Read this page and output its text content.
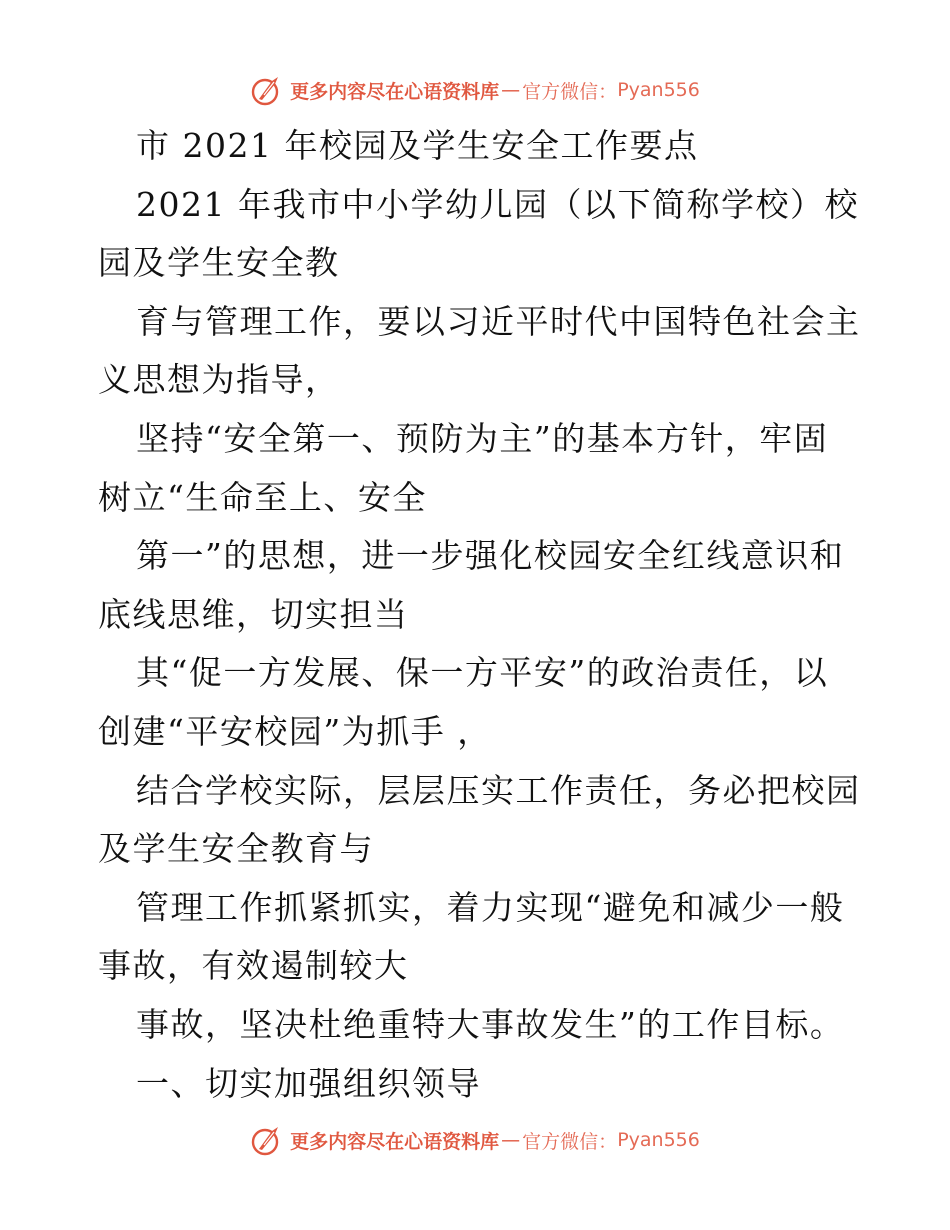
更多内容尽在心语资料库 — 官方微信： Pyan556
市 2021 年校园及学生安全工作要点
2021 年我市中小学幼儿园（以下简称学校）校
园及学生安全教
育与管理工作，要以习近平时代中国特色社会主
义思想为指导，
坚持“安全第一、预防为主”的基本方针，牢固
树立“生命至上、安全
第一”的思想，进一步强化校园安全红线意识和
底线思维，切实担当
其“促一方发展、保一方平安”的政治责任，以
创建“平安校园”为抓手 ，
结合学校实际，层层压实工作责任，务必把校园
及学生安全教育与
管理工作抓紧抓实，着力实现“避免和减少一般
事故，有效遏制较大
事故，坚决杜绝重特大事故发生”的工作目标。
一、切实加强组织领导
更多内容尽在心语资料库 — 官方微信： Pyan556
